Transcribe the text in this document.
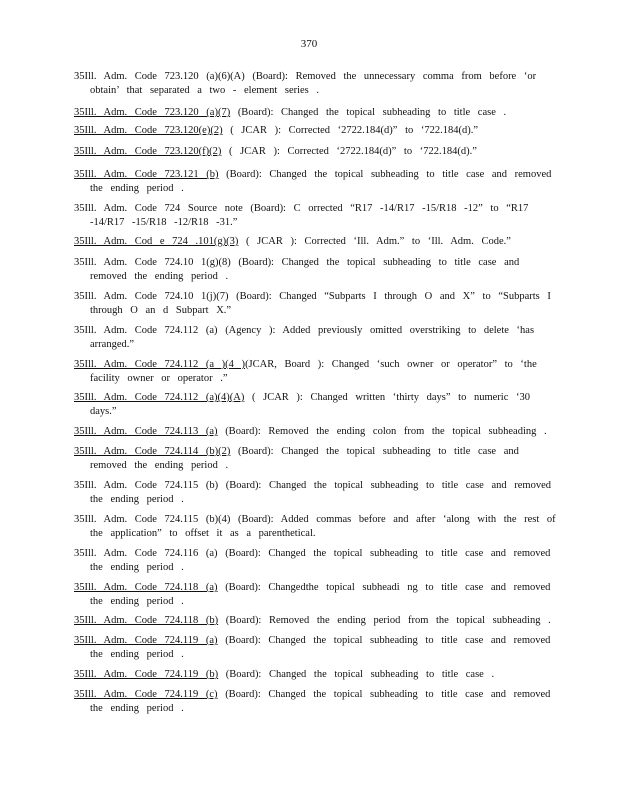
370

35Ill. Adm. Code 723.120 (a)(6)(A) (Board): Removed the unnecessary comma from before ‘or obtain’ that separated a two - element series .

35Ill. Adm. Code 723.120 (a)(7) (Board): Changed the topical subheading to title case .

35Ill. Adm. Code 723.120(e)(2) ( JCAR ): Corrected ‘2722.184(d)” to ‘722.184(d).”

35Ill. Adm. Code 723.120(f)(2) ( JCAR ): Corrected ‘2722.184(d)” to ‘722.184(d).”

35Ill. Adm. Code 723.121 (b) (Board): Changed the topical subheading to title case and removed the ending period .

35Ill. Adm. Code 724 Source note (Board): C orrected “R17 -14/R17 -15/R18 -12” to “R17 -14/R17 -15/R18 -12/R18 -31.”

35Ill. Adm. Cod e 724 .101(g)(3) ( JCAR ): Corrected ‘Ill. Adm.” to ‘Ill. Adm. Code.”

35Ill. Adm. Code 724.10 1(g)(8) (Board): Changed the topical subheading to title case and removed the ending period .

35Ill. Adm. Code 724.10 1(j)(7) (Board): Changed “Subparts I through O and X” to “Subparts I through O an d Subpart X.”

35Ill. Adm. Code 724.112 (a) (Agency ): Added previously omitted overstriking to delete ‘has arranged.”

35Ill. Adm. Code 724.112 (a )(4 )(JCAR, Board ): Changed ‘such owner or operator” to ‘the facility owner or operator .”

35Ill. Adm. Code 724.112 (a)(4)(A) ( JCAR ): Changed written ‘thirty days” to numeric ‘30 days.”

35Ill. Adm. Code 724.113 (a) (Board): Removed the ending colon from the topical subheading .

35Ill. Adm. Code 724.114 (b)(2) (Board): Changed the topical subheading to title case and removed the ending period .

35Ill. Adm. Code 724.115 (b) (Board): Changed the topical subheading to title case and removed the ending period .

35Ill. Adm. Code 724.115 (b)(4) (Board): Added commas before and after ‘along with the rest of the application” to offset it as a parenthetical.

35Ill. Adm. Code 724.116 (a) (Board): Changed the topical subheading to title case and removed the ending period .

35Ill. Adm. Code 724.118 (a) (Board): Changedthe topical subheadi ng to title case and removed the ending period .

35Ill. Adm. Code 724.118 (b) (Board): Removed the ending period from the topical subheading .

35Ill. Adm. Code 724.119 (a) (Board): Changed the topical subheading to title case and removed the ending period .

35Ill. Adm. Code 724.119 (b) (Board): Changed the topical subheading to title case .

35Ill. Adm. Code 724.119 (c) (Board): Changed the topical subheading to title case and removed the ending period .
